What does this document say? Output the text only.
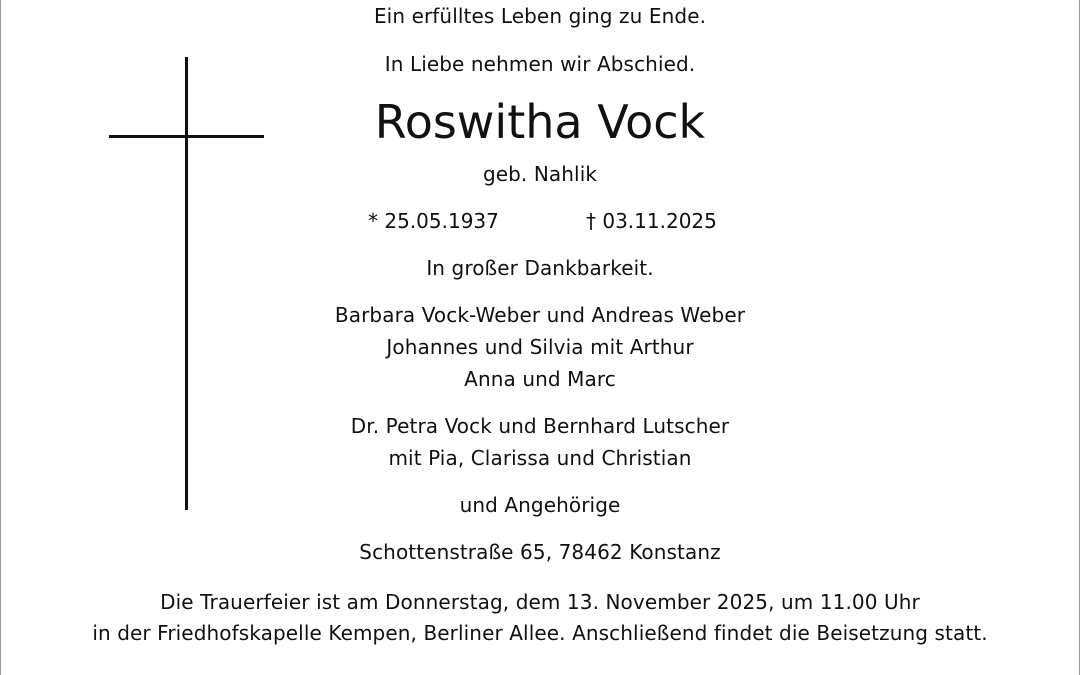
Ein erfülltes Leben ging zu Ende.
In Liebe nehmen wir Abschied.
Roswitha Vock
geb. Nahlik
* 25.05.1937	† 03.11.2025
In großer Dankbarkeit.
Barbara Vock-Weber und Andreas Weber
Johannes und Silvia mit Arthur
Anna und Marc
Dr. Petra Vock und Bernhard Lutscher
mit Pia, Clarissa und Christian
und Angehörige
Schottenstraße 65, 78462 Konstanz
Die Trauerfeier ist am Donnerstag, dem 13. November 2025, um 11.00 Uhr
in der Friedhofskapelle Kempen, Berliner Allee. Anschließend findet die Beisetzung statt.
